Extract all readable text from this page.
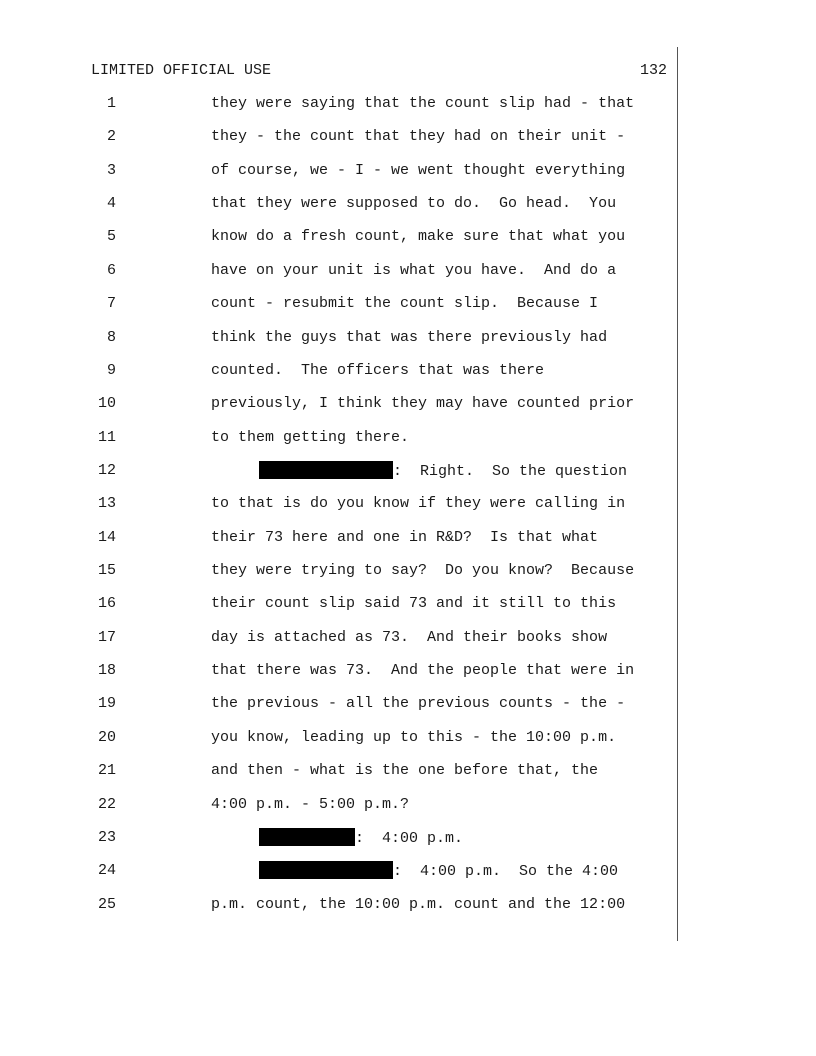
LIMITED OFFICIAL USE	132
1	they were saying that the count slip had - that
2	they - the count that they had on their unit -
3	of course, we - I - we went thought everything
4	that they were supposed to do.  Go head.  You
5	know do a fresh count, make sure that what you
6	have on your unit is what you have.  And do a
7	count - resubmit the count slip.  Because I
8	think the guys that was there previously had
9	counted.  The officers that was there
10	previously, I think they may have counted prior
11	to them getting there.
12	:  Right.  So the question
13	to that is do you know if they were calling in
14	their 73 here and one in R&D?  Is that what
15	they were trying to say?  Do you know?  Because
16	their count slip said 73 and it still to this
17	day is attached as 73.  And their books show
18	that there was 73.  And the people that were in
19	the previous - all the previous counts - the -
20	you know, leading up to this - the 10:00 p.m.
21	and then - what is the one before that, the
22	4:00 p.m. - 5:00 p.m.?
23	:  4:00 p.m.
24	:  4:00 p.m.  So the 4:00
25	p.m. count, the 10:00 p.m. count and the 12:00
